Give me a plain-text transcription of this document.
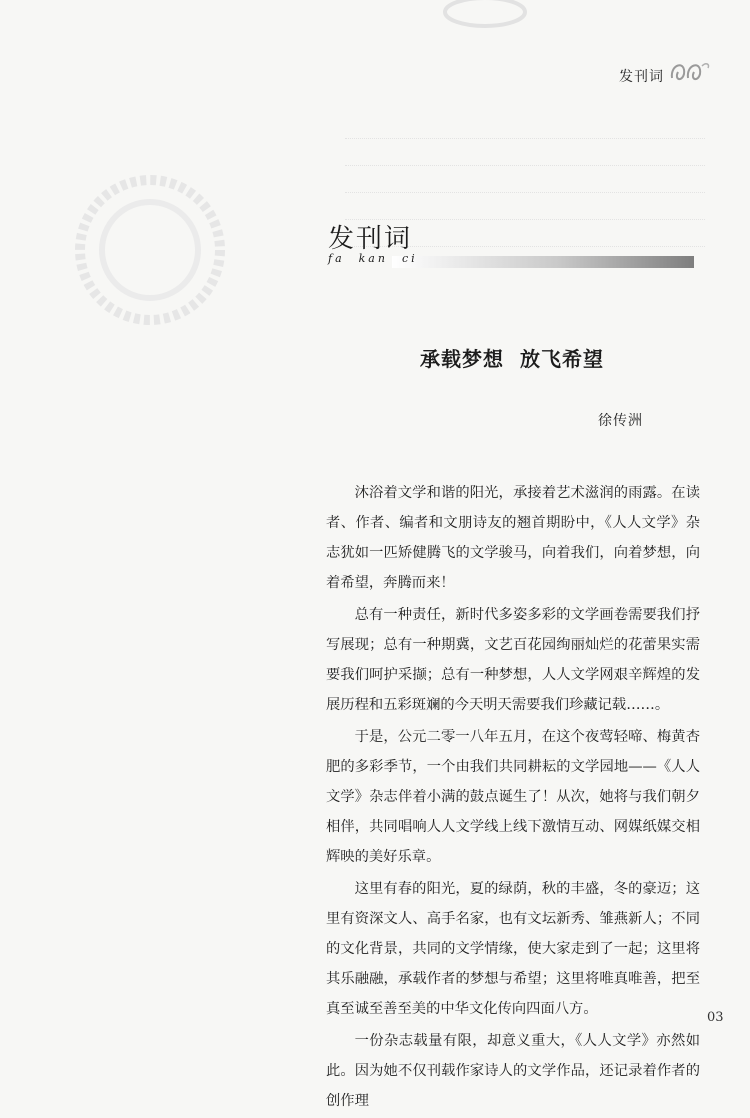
发刊词
发刊词
fa kan ci
承载梦想 放飞希望
徐传洲

沐浴着文学和谐的阳光，承接着艺术滋润的雨露。在读者、作者、编者和文朋诗友的翘首期盼中，《人人文学》杂志犹如一匹矫健腾飞的文学骏马，向着我们，向着梦想，向着希望，奔腾而来！

总有一种责任，新时代多姿多彩的文学画卷需要我们抒写展现；总有一种期冀，文艺百花园绚丽灿烂的花蕾果实需要我们呵护采撷；总有一种梦想，人人文学网艰辛辉煌的发展历程和五彩斑斓的今天明天需要我们珍藏记载……。

于是，公元二零一八年五月，在这个夜莺轻啼、梅黄杏肥的多彩季节，一个由我们共同耕耘的文学园地——《人人文学》杂志伴着小满的鼓点诞生了！从次，她将与我们朝夕相伴，共同唱响人人文学线上线下激情互动、网媒纸媒交相辉映的美好乐章。

这里有春的阳光，夏的绿荫，秋的丰盛，冬的豪迈；这里有资深文人、高手名家，也有文坛新秀、雏燕新人；不同的文化背景，共同的文学情缘，使大家走到了一起；这里将其乐融融，承载作者的梦想与希望；这里将唯真唯善，把至真至诚至善至美的中华文化传向四面八方。

一份杂志载量有限，却意义重大，《人人文学》亦然如此。因为她不仅刊载作家诗人的文学作品，还记录着作者的创作理

03
